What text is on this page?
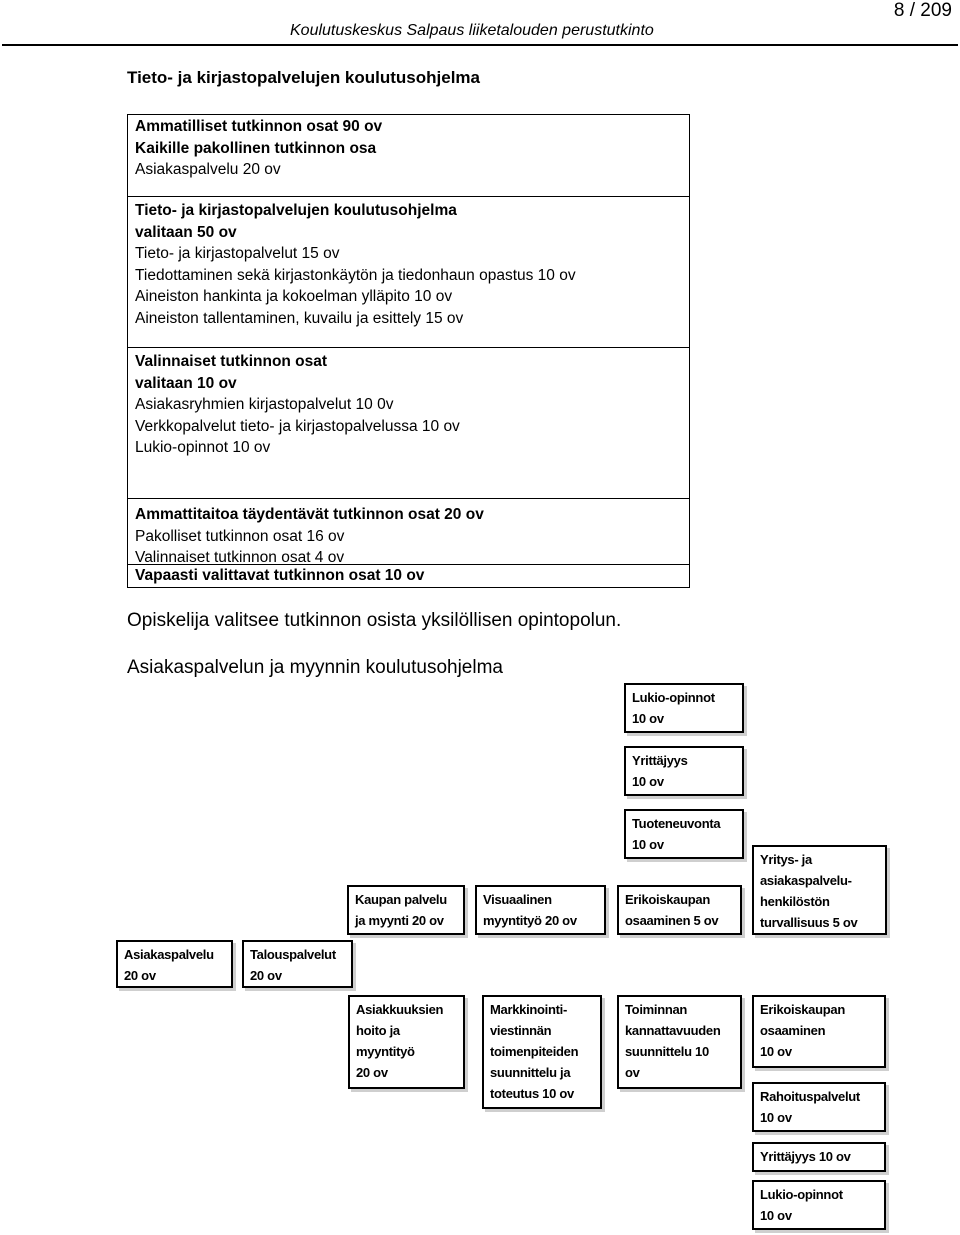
Koulutuskeskus Salpaus liiketalouden perustutkinto
8 / 209
Tieto- ja kirjastopalvelujen koulutusohjelma
Ammatilliset tutkinnon osat 90 ov
Kaikille pakollinen tutkinnon osa
Asiakaspalvelu 20 ov
Tieto- ja kirjastopalvelujen koulutusohjelma
valitaan 50 ov
Tieto- ja kirjastopalvelut 15 ov
Tiedottaminen sekä kirjastonkäytön ja tiedonhaun opastus 10 ov
Aineiston hankinta ja kokoelman ylläpito 10 ov
Aineiston tallentaminen, kuvailu ja esittely 15 ov
Valinnaiset tutkinnon osat
valitaan 10 ov
Asiakasryhmien kirjastopalvelut 10 0v
Verkkopalvelut tieto- ja kirjastopalvelussa 10 ov
Lukio-opinnot 10 ov
Ammattitaitoa täydentävät tutkinnon osat 20 ov
Pakolliset tutkinnon osat 16 ov
Valinnaiset tutkinnon osat 4 ov
Vapaasti valittavat tutkinnon osat 10 ov
Opiskelija valitsee tutkinnon osista yksilöllisen opintopolun.
Asiakaspalvelun ja myynnin koulutusohjelma
Asiakaspalvelu
20 ov
Talouspalvelut
20 ov
Kaupan palvelu
ja myynti 20 ov
Visuaalinen
myyntityö 20 ov
Erikoiskaupan
osaaminen 5 ov
Yritys- ja
asiakaspalvelu-
henkilöstön
turvallisuus 5 ov
Lukio-opinnot
10 ov
Yrittäjyys
10 ov
Tuoteneuvonta
10 ov
Asiakkuuksien
hoito ja
myyntityö
20 ov
Markkinointi-
viestinnän
toimenpiteiden
suunnittelu ja
toteutus 10 ov
Toiminnan
kannattavuuden
suunnittelu 10
ov
Erikoiskaupan
osaaminen
10 ov
Rahoituspalvelut
10 ov
Yrittäjyys 10 ov
Lukio-opinnot
10 ov
